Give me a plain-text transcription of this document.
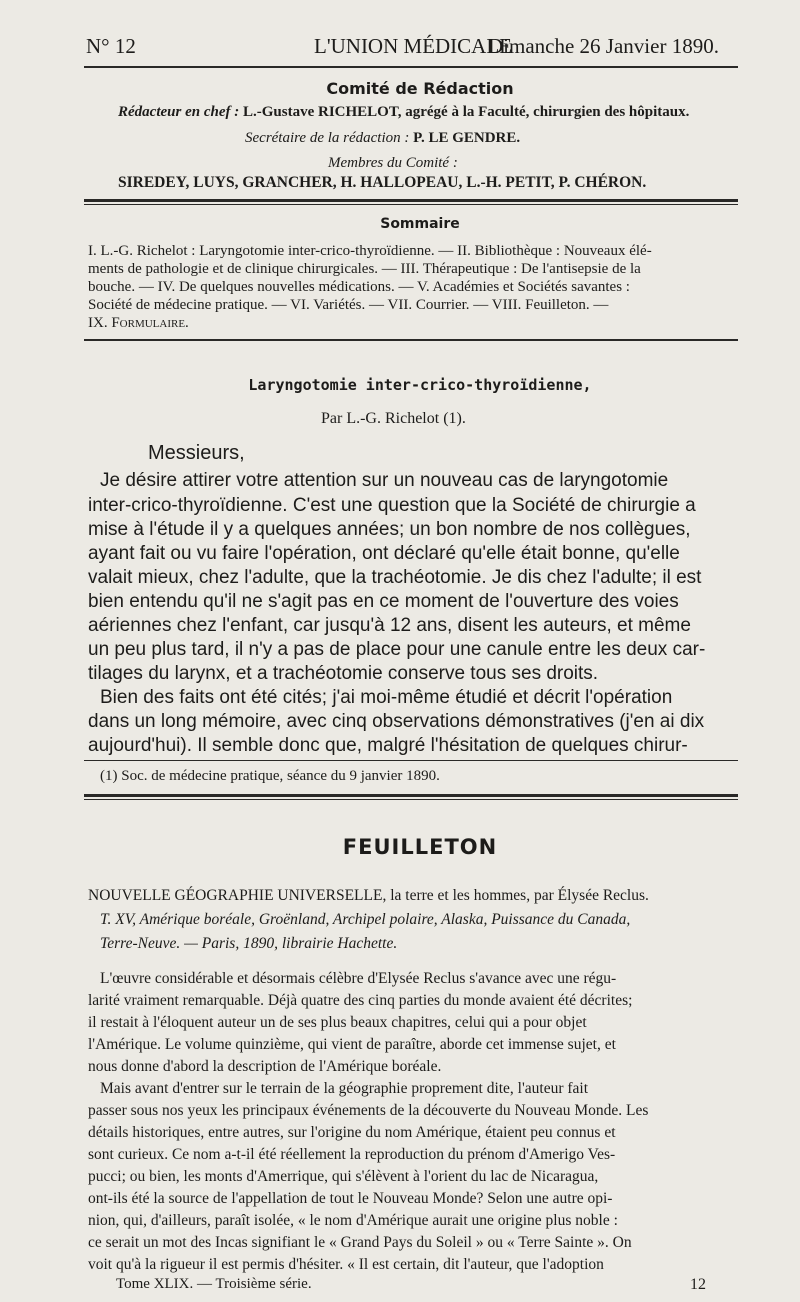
N° 12	L'UNION MÉDICALE
Dimanche 26 Janvier 1890.
Comité de Rédaction
Rédacteur en chef : L.-Gustave RICHELOT, agrégé à la Faculté, chirurgien des hôpitaux.
Secrétaire de la rédaction : P. LE GENDRE.
Membres du Comité :
SIREDEY, LUYS, GRANCHER, H. HALLOPEAU, L.-H. PETIT, P. CHÉRON.
Sommaire
I. L.-G. Richelot : Laryngotomie inter-crico-thyroïdienne. — II. Bibliothèque : Nouveaux élé-
ments de pathologie et de clinique chirurgicales. — III. Thérapeutique : De l'antisepsie de la
bouche. — IV. De quelques nouvelles médications. — V. Académies et Sociétés savantes :
Société de médecine pratique. — VI. Variétés. — VII. Courrier. — VIII. Feuilleton. —
IX. Formulaire.
Laryngotomie inter-crico-thyroïdienne,
Par L.-G. Richelot (1).
Messieurs,
Je désire attirer votre attention sur un nouveau cas de laryngotomie
inter-crico-thyroïdienne. C'est une question que la Société de chirurgie a
mise à l'étude il y a quelques années; un bon nombre de nos collègues,
ayant fait ou vu faire l'opération, ont déclaré qu'elle était bonne, qu'elle
valait mieux, chez l'adulte, que la trachéotomie. Je dis chez l'adulte; il est
bien entendu qu'il ne s'agit pas en ce moment de l'ouverture des voies
aériennes chez l'enfant, car jusqu'à 12 ans, disent les auteurs, et même
un peu plus tard, il n'y a pas de place pour une canule entre les deux car-
tilages du larynx, et a trachéotomie conserve tous ses droits.
Bien des faits ont été cités; j'ai moi-même étudié et décrit l'opération
dans un long mémoire, avec cinq observations démonstratives (j'en ai dix
aujourd'hui). Il semble donc que, malgré l'hésitation de quelques chirur-
(1) Soc. de médecine pratique, séance du 9 janvier 1890.
FEUILLETON
NOUVELLE GÉOGRAPHIE UNIVERSELLE, la terre et les hommes, par Élysée Reclus.
T. XV, Amérique boréale, Groënland, Archipel polaire, Alaska, Puissance du Canada,
Terre-Neuve. — Paris, 1890, librairie Hachette.
L'œuvre considérable et désormais célèbre d'Elysée Reclus s'avance avec une régu-
larité vraiment remarquable. Déjà quatre des cinq parties du monde avaient été décrites;
il restait à l'éloquent auteur un de ses plus beaux chapitres, celui qui a pour objet
l'Amérique. Le volume quinzième, qui vient de paraître, aborde cet immense sujet, et
nous donne d'abord la description de l'Amérique boréale.
Mais avant d'entrer sur le terrain de la géographie proprement dite, l'auteur fait
passer sous nos yeux les principaux événements de la découverte du Nouveau Monde. Les
détails historiques, entre autres, sur l'origine du nom Amérique, étaient peu connus et
sont curieux. Ce nom a-t-il été réellement la reproduction du prénom d'Amerigo Ves-
pucci; ou bien, les monts d'Amerrique, qui s'élèvent à l'orient du lac de Nicaragua,
ont-ils été la source de l'appellation de tout le Nouveau Monde? Selon une autre opi-
nion, qui, d'ailleurs, paraît isolée, « le nom d'Amérique aurait une origine plus noble :
ce serait un mot des Incas signifiant le « Grand Pays du Soleil » ou « Terre Sainte ». On
voit qu'à la rigueur il est permis d'hésiter. « Il est certain, dit l'auteur, que l'adoption
Tome XLIX. — Troisième série.	12
